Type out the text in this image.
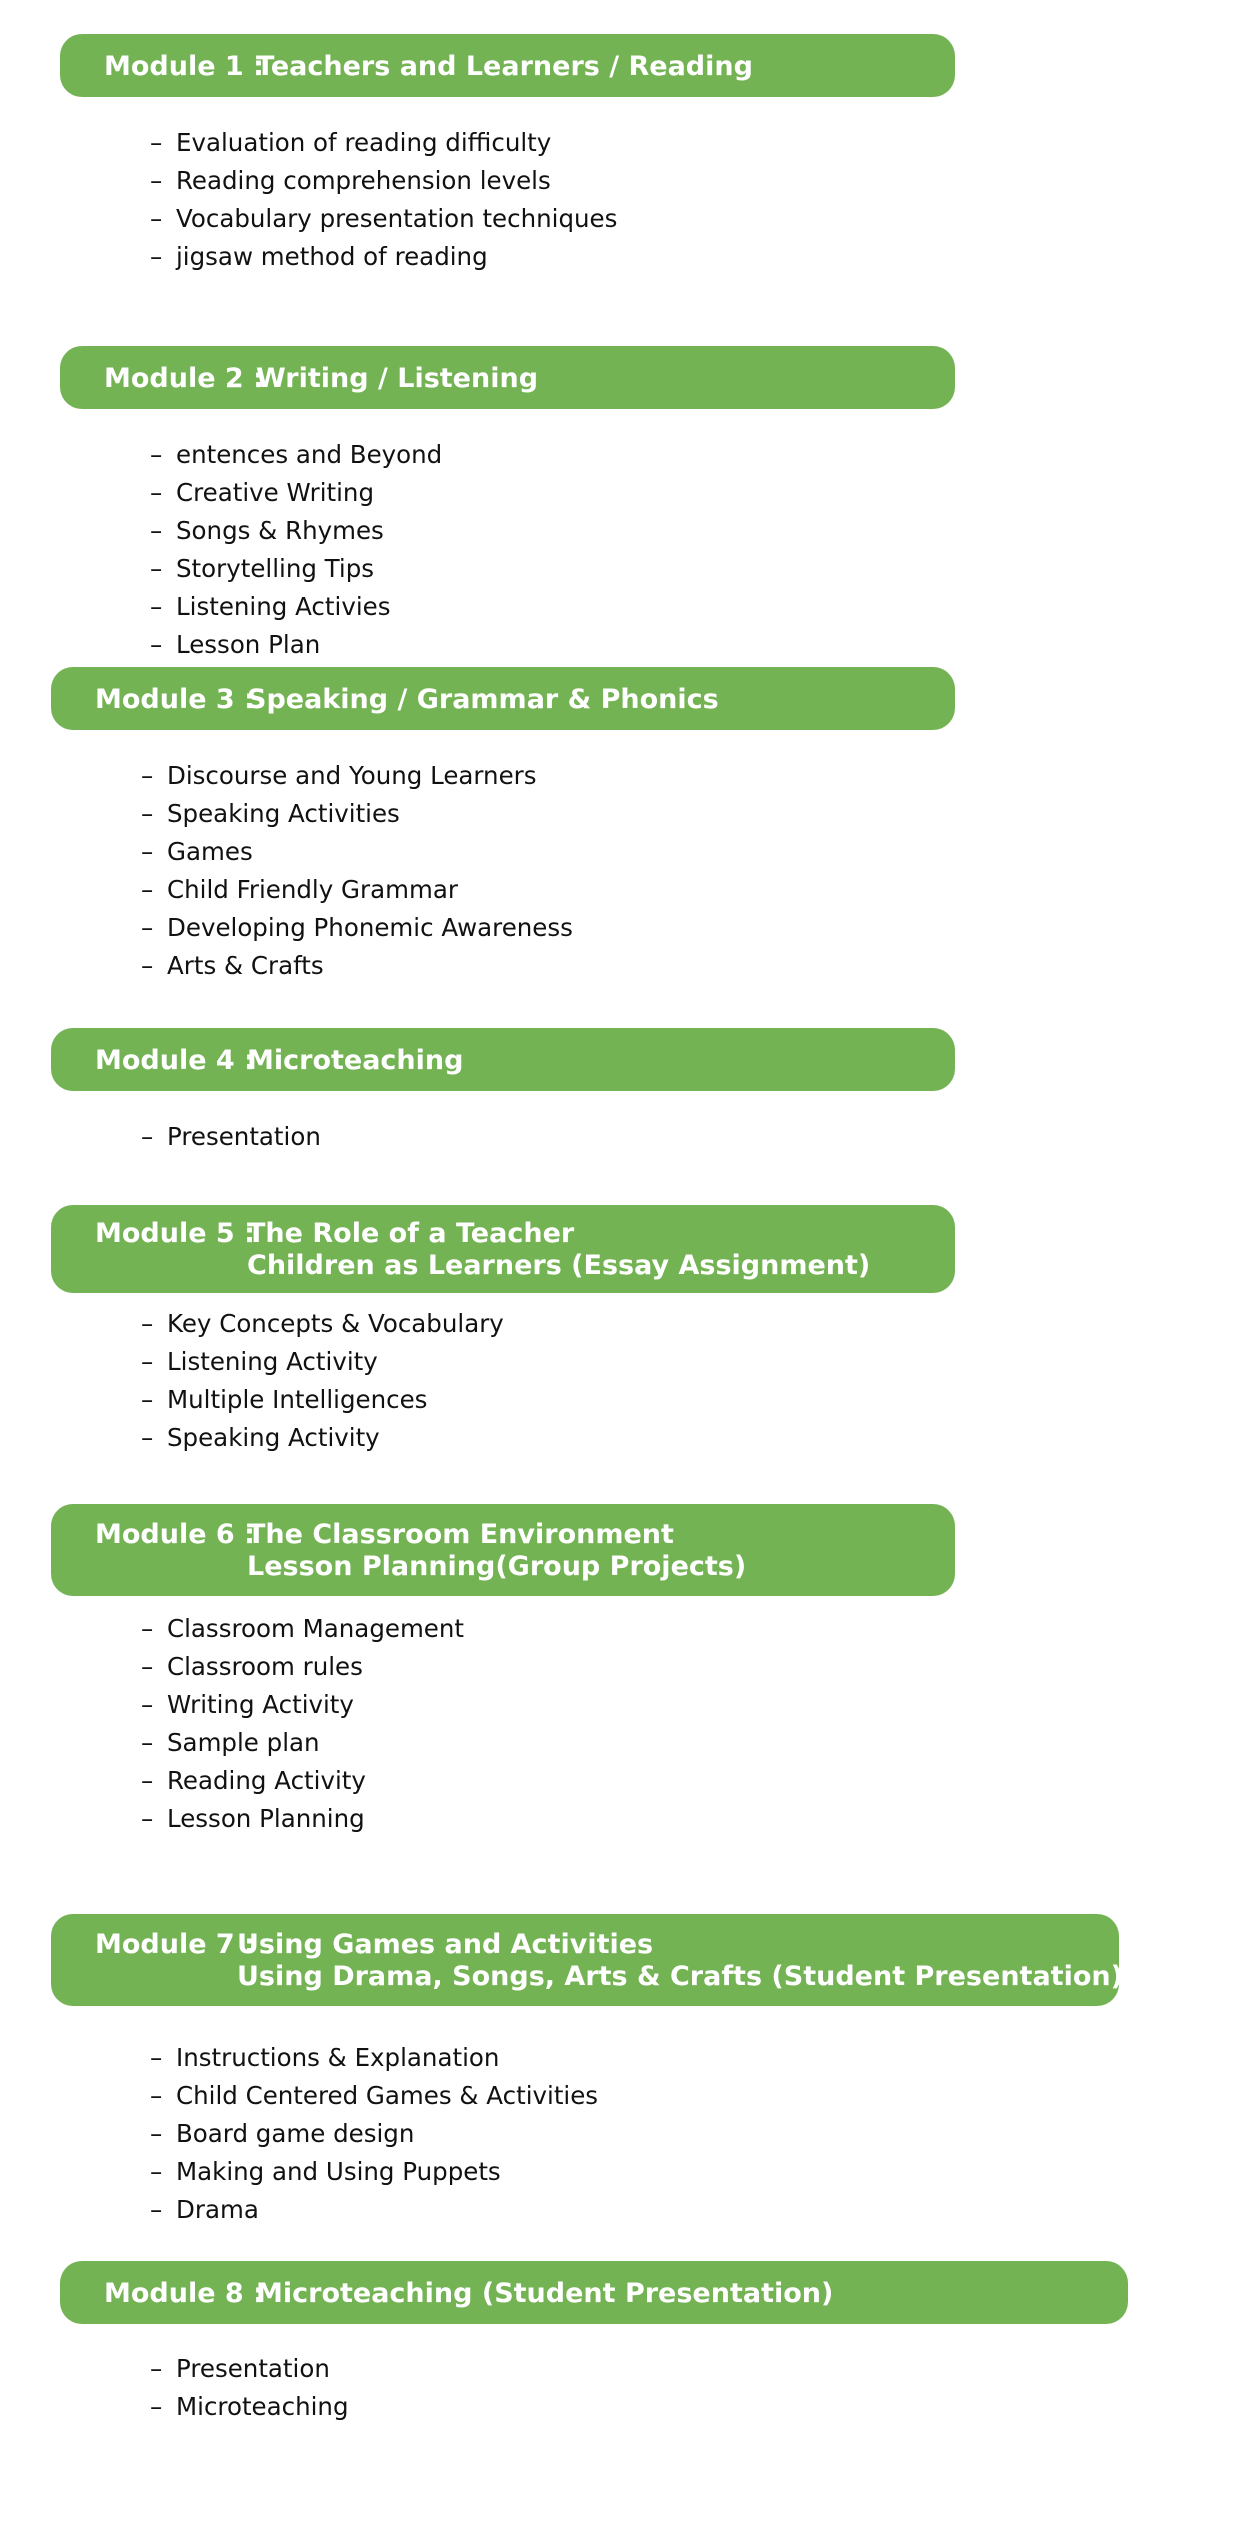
Module 1 :
Teachers and Learners / Reading
– Evaluation of reading difficulty
– Reading comprehension levels
– Vocabulary presentation techniques
– jigsaw method of reading
Module 2 :
Writing / Listening
– entences and Beyond
– Creative Writing
– Songs & Rhymes
– Storytelling Tips
– Listening Activies
– Lesson Plan
Module 3 :
Speaking / Grammar & Phonics
– Discourse and Young Learners
– Speaking Activities
– Games
– Child Friendly Grammar
– Developing Phonemic Awareness
– Arts & Crafts
Module 4 :
Microteaching
– Presentation
Module 5 :
The Role of a Teacher
Children as Learners (Essay Assignment)
– Key Concepts & Vocabulary
– Listening Activity
– Multiple Intelligences
– Speaking Activity
Module 6 :
The Classroom Environment
Lesson Planning(Group Projects)
– Classroom Management
– Classroom rules
– Writing Activity
– Sample plan
– Reading Activity
– Lesson Planning
Module 7 :
Using Games and Activities
Using Drama, Songs, Arts & Crafts (Student Presentation)
– Instructions & Explanation
– Child Centered Games & Activities
– Board game design
– Making and Using Puppets
– Drama
Module 8 :
Microteaching (Student Presentation)
– Presentation
– Microteaching
